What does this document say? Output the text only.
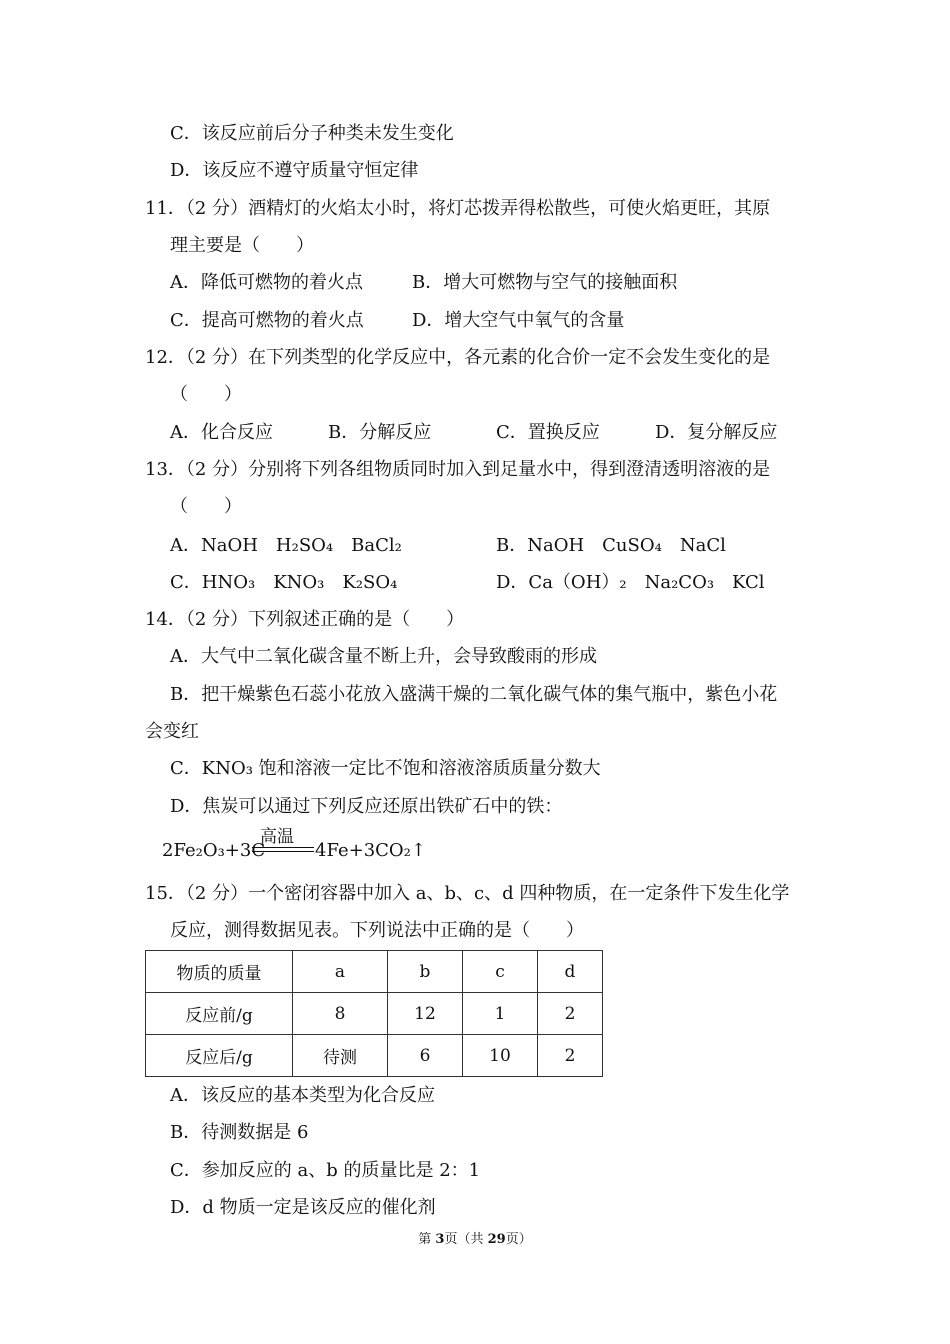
C．该反应前后分子种类未发生变化
D．该反应不遵守质量守恒定律
11．（2 分）酒精灯的火焰太小时，将灯芯拨弄得松散些，可使火焰更旺，其原
理主要是（　　）
A．降低可燃物的着火点	B．增大可燃物与空气的接触面积
C．提高可燃物的着火点	D．增大空气中氧气的含量
12．（2 分）在下列类型的化学反应中，各元素的化合价一定不会发生变化的是
（　　）
A．化合反应	B．分解反应	C．置换反应	D．复分解反应
13．（2 分）分别将下列各组物质同时加入到足量水中，得到澄清透明溶液的是
（　　）
A．NaOH　H₂SO₄　BaCl₂	B．NaOH　CuSO₄　NaCl
C．HNO₃　KNO₃　K₂SO₄	D．Ca（OH）₂　Na₂CO₃　KCl
14．（2 分）下列叙述正确的是（　　）
A．大气中二氧化碳含量不断上升，会导致酸雨的形成
B．把干燥紫色石蕊小花放入盛满干燥的二氧化碳气体的集气瓶中，紫色小花
会变红
C．KNO₃ 饱和溶液一定比不饱和溶液溶质质量分数大
D．焦炭可以通过下列反应还原出铁矿石中的铁：
2Fe₂O₃+3C
高温
4Fe+3CO₂↑
15．（2 分）一个密闭容器中加入 a、b、c、d 四种物质，在一定条件下发生化学
反应，测得数据见表。下列说法中正确的是（　　）
物质的质量	a	b	c	d
反应前/g	8	12	1	2
反应后/g	待测	6	10	2
A．该反应的基本类型为化合反应
B．待测数据是 6
C．参加反应的 a、b 的质量比是 2：1
D．d 物质一定是该反应的催化剂
第 3页（共 29页）
